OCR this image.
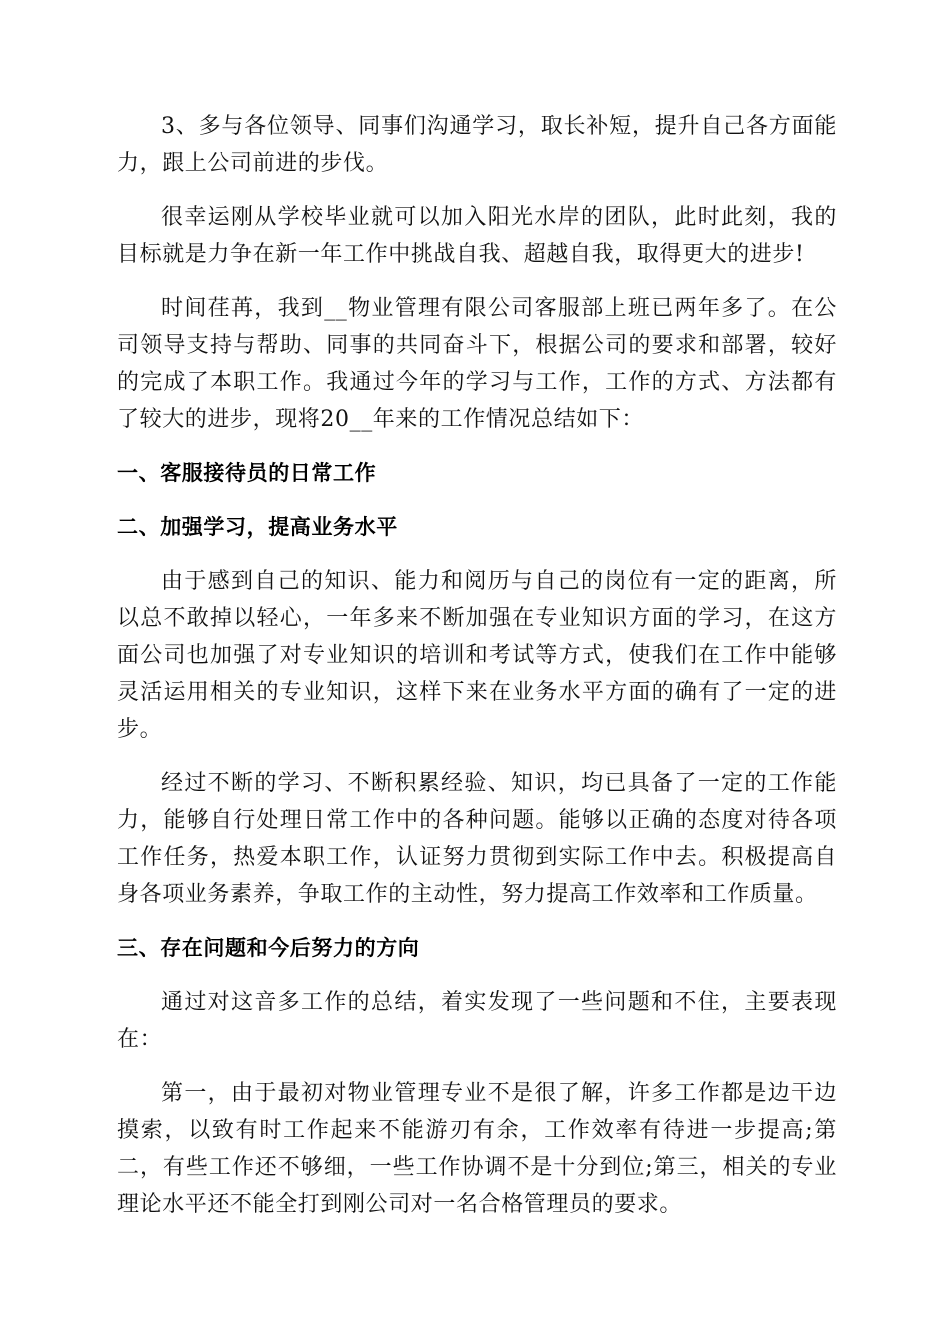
3、多与各位领导、同事们沟通学习，取长补短，提升自己各方面能力，跟上公司前进的步伐。

很幸运刚从学校毕业就可以加入阳光水岸的团队，此时此刻，我的目标就是力争在新一年工作中挑战自我、超越自我，取得更大的进步!

时间荏苒，我到__物业管理有限公司客服部上班已两年多了。在公司领导支持与帮助、同事的共同奋斗下，根据公司的要求和部署，较好的完成了本职工作。我通过今年的学习与工作，工作的方式、方法都有了较大的进步，现将20__年来的工作情况总结如下：

一、客服接待员的日常工作
二、加强学习，提高业务水平

由于感到自己的知识、能力和阅历与自己的岗位有一定的距离，所以总不敢掉以轻心，一年多来不断加强在专业知识方面的学习，在这方面公司也加强了对专业知识的培训和考试等方式，使我们在工作中能够灵活运用相关的专业知识，这样下来在业务水平方面的确有了一定的进步。

经过不断的学习、不断积累经验、知识，均已具备了一定的工作能力，能够自行处理日常工作中的各种问题。能够以正确的态度对待各项工作任务，热爱本职工作，认证努力贯彻到实际工作中去。积极提高自身各项业务素养，争取工作的主动性，努力提高工作效率和工作质量。

三、存在问题和今后努力的方向

通过对这音多工作的总结，着实发现了一些问题和不住，主要表现在：

第一，由于最初对物业管理专业不是很了解，许多工作都是边干边摸索，以致有时工作起来不能游刃有余，工作效率有待进一步提高;第二，有些工作还不够细，一些工作协调不是十分到位;第三，相关的专业理论水平还不能全打到刚公司对一名合格管理员的要求。
